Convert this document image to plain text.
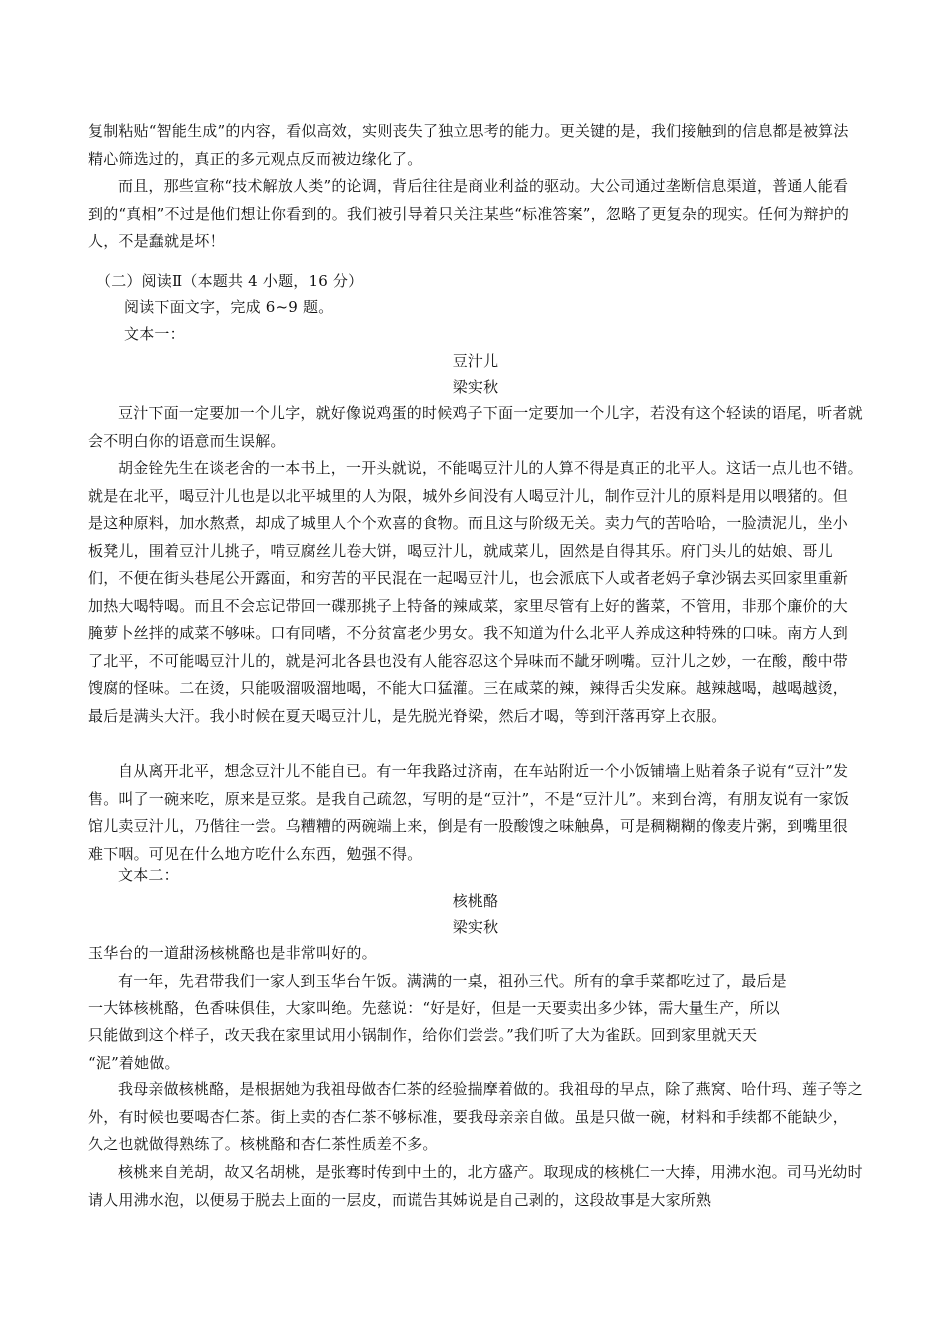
复制粘贴“智能生成”的内容，看似高效，实则丧失了独立思考的能力。更关键的是，我们接触到的信息都是被算法精心筛选过的，真正的多元观点反而被边缘化了。

而且，那些宣称“技术解放人类”的论调，背后往往是商业利益的驱动。大公司通过垄断信息渠道，普通人能看到的“真相”不过是他们想让你看到的。我们被引导着只关注某些“标准答案”，忽略了更复杂的现实。任何为辩护的人，不是蠢就是坏！

（二）阅读Ⅱ（本题共 4 小题，16 分）

阅读下面文字，完成 6~9 题。

文本一：

豆汁儿

梁实秋

豆汁下面一定要加一个儿字，就好像说鸡蛋的时候鸡子下面一定要加一个儿字，若没有这个轻读的语尾，听者就会不明白你的语意而生误解。

胡金铨先生在谈老舍的一本书上，一开头就说，不能喝豆汁儿的人算不得是真正的北平人。这话一点儿也不错。就是在北平，喝豆汁儿也是以北平城里的人为限，城外乡间没有人喝豆汁儿，制作豆汁儿的原料是用以喂猪的。但是这种原料，加水熬煮，却成了城里人个个欢喜的食物。而且这与阶级无关。卖力气的苦哈哈，一脸渍泥儿，坐小板凳儿，围着豆汁儿挑子，啃豆腐丝儿卷大饼，喝豆汁儿，就咸菜儿，固然是自得其乐。府门头儿的姑娘、哥儿们，不便在街头巷尾公开露面，和穷苦的平民混在一起喝豆汁儿，也会派底下人或者老妈子拿沙锅去买回家里重新加热大喝特喝。而且不会忘记带回一碟那挑子上特备的辣咸菜，家里尽管有上好的酱菜，不管用，非那个廉价的大腌萝卜丝拌的咸菜不够味。口有同嗜，不分贫富老少男女。我不知道为什么北平人养成这种特殊的口味。南方人到了北平，不可能喝豆汁儿的，就是河北各县也没有人能容忍这个异味而不龇牙咧嘴。豆汁儿之妙，一在酸，酸中带馊腐的怪味。二在烫，只能吸溜吸溜地喝，不能大口猛灌。三在咸菜的辣，辣得舌尖发麻。越辣越喝，越喝越烫，最后是满头大汗。我小时候在夏天喝豆汁儿，是先脱光脊梁，然后才喝，等到汗落再穿上衣服。

自从离开北平，想念豆汁儿不能自已。有一年我路过济南，在车站附近一个小饭铺墙上贴着条子说有“豆汁”发售。叫了一碗来吃，原来是豆浆。是我自己疏忽，写明的是“豆汁”，不是“豆汁儿”。来到台湾，有朋友说有一家饭馆儿卖豆汁儿，乃偕往一尝。乌糟糟的两碗端上来，倒是有一股酸馊之味触鼻，可是稠糊糊的像麦片粥，到嘴里很难下咽。可见在什么地方吃什么东西，勉强不得。

文本二：

核桃酪

梁实秋

玉华台的一道甜汤核桃酪也是非常叫好的。

有一年，先君带我们一家人到玉华台午饭。满满的一桌，祖孙三代。所有的拿手菜都吃过了，最后是

一大钵核桃酪，色香味俱佳，大家叫绝。先慈说：“好是好，但是一天要卖出多少钵，需大量生产，所以

只能做到这个样子，改天我在家里试用小锅制作，给你们尝尝。”我们听了大为雀跃。回到家里就天天

“泥”着她做。

我母亲做核桃酪，是根据她为我祖母做杏仁茶的经验揣摩着做的。我祖母的早点，除了燕窝、哈什玛、莲子等之外，有时候也要喝杏仁茶。街上卖的杏仁茶不够标准，要我母亲亲自做。虽是只做一碗，材料和手续都不能缺少，久之也就做得熟练了。核桃酪和杏仁茶性质差不多。

核桃来自羌胡，故又名胡桃，是张骞时传到中土的，北方盛产。取现成的核桃仁一大捧，用沸水泡。司马光幼时请人用沸水泡，以便易于脱去上面的一层皮，而谎告其姊说是自己剥的，这段故事是大家所熟
